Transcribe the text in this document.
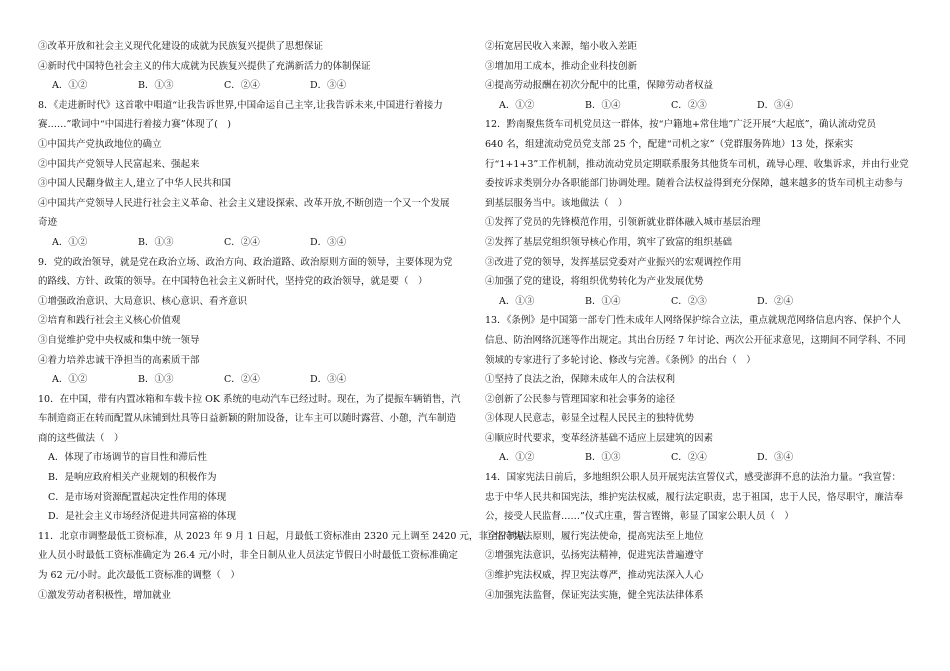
③改革开放和社会主义现代化建设的成就为民族复兴提供了思想保证
④新时代中国特色社会主义的伟大成就为民族复兴提供了充满新活力的体制保证
A．①②	B．①③	C．②④	D．③④
8．《走进新时代》这首歌中唱道“让我告诉世界,中国命运自己主宰,让我告诉未来,中国进行着接力
赛……”歌词中“中国进行着接力赛”体现了(　)
①中国共产党执政地位的确立
②中国共产党领导人民富起来、强起来
③中国人民翻身做主人,建立了中华人民共和国
④中国共产党领导人民进行社会主义革命、社会主义建设探索、改革开放,不断创造一个又一个发展
奇迹
A．①②	B．①③	C．②④	D．③④
9．党的政治领导，就是党在政治立场、政治方向、政治道路、政治原则方面的领导，主要体现为党
的路线、方针、政策的领导。在中国特色社会主义新时代，坚持党的政治领导，就是要（　）
①增强政治意识、大局意识、核心意识、看齐意识
②培育和践行社会主义核心价值观
③自觉维护党中央权威和集中统一领导
④着力培养忠诚干净担当的高素质干部
A．①②	B．①③	C．②④	D．③④
10．在中国，带有内置冰箱和车载卡拉 OK 系统的电动汽车已经过时。现在，为了提振车辆销售，汽
车制造商正在转而配置从床铺到灶具等日益新颖的附加设备，让车主可以随时露营、小憩，汽车制造
商的这些做法（　）
A．体现了市场调节的盲目性和滞后性
B．是响应政府相关产业规划的积极作为
C．是市场对资源配置起决定性作用的体现
D．是社会主义市场经济促进共同富裕的体现
11．北京市调整最低工资标准，从 2023 年 9 月 1 日起，月最低工资标准由 2320 元上调至 2420 元，非全日制从
业人员小时最低工资标准确定为 26.4 元/小时，非全日制从业人员法定节假日小时最低工资标准确定
为 62 元/小时。此次最低工资标准的调整（　）
①激发劳动者积极性，增加就业
②拓宽居民收入来源，缩小收入差距
③增加用工成本，推动企业科技创新
④提高劳动报酬在初次分配中的比重，保障劳动者权益
A．①②	B．①④	C．②③	D．③④
12．黔南聚焦货车司机党员这一群体，按“户籍地+常住地”广泛开展“大起底”，确认流动党员
640 名，组建流动党员党支部 25 个，配建“司机之家”（党群服务阵地）13 处，探索实
行“1+1+3”工作机制，推动流动党员定期联系服务其他货车司机，疏导心理、收集诉求，并由行业党
委按诉求类别分办各职能部门协调处理。随着合法权益得到充分保障，越来越多的货车司机主动参与
到基层服务当中。该地做法（　）
①发挥了党员的先锋模范作用，引领新就业群体融入城市基层治理
②发挥了基层党组织领导核心作用，筑牢了致富的组织基础
③改进了党的领导，发挥基层党委对产业振兴的宏观调控作用
④加强了党的建设，将组织优势转化为产业发展优势
A．①③	B．①④	C．②③	D．②④
13．《条例》是中国第一部专门性未成年人网络保护综合立法，重点就规范网络信息内容、保护个人
信息、防治网络沉迷等作出规定。其出台历经 7 年讨论、两次公开征求意见，这期间不同学科、不同
领域的专家进行了多轮讨论、修改与完善。《条例》的出台（　）
①坚持了良法之治，保障未成年人的合法权利
②创新了公民参与管理国家和社会事务的途径
③体现人民意志，彰显全过程人民民主的独特优势
④顺应时代要求，变革经济基础不适应上层建筑的因素
A．①②	B．①③	C．②④	D．③④
14．国家宪法日前后，多地组织公职人员开展宪法宣誓仪式，感受澎湃不息的法治力量。“我宣誓：
忠于中华人民共和国宪法，维护宪法权威，履行法定职责，忠于祖国，忠于人民，恪尽职守，廉洁奉
公，接受人民监督……”仪式庄重，誓言铿锵，彰显了国家公职人员（　）
①恪守宪法原则，履行宪法使命，提高宪法至上地位
②增强宪法意识，弘扬宪法精神，促进宪法普遍遵守
③维护宪法权威，捍卫宪法尊严，推动宪法深入人心
④加强宪法监督，保证宪法实施，健全宪法法律体系
